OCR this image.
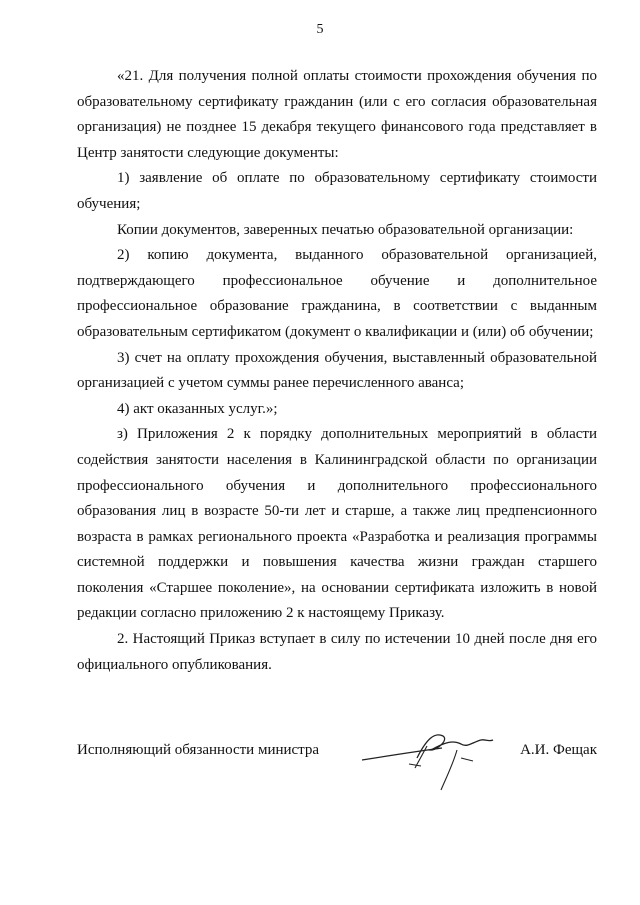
5

«21. Для получения полной оплаты стоимости прохождения обучения по образовательному сертификату гражданин (или с его согласия образовательная организация) не позднее 15 декабря текущего финансового года представляет в Центр занятости следующие документы:

1) заявление об оплате по образовательному сертификату стоимости обучения;

Копии документов, заверенных печатью образовательной организации:

2) копию документа, выданного образовательной организацией, подтверждающего профессиональное обучение и дополнительное профессиональное образование гражданина, в соответствии с выданным образовательным сертификатом (документ о квалификации и (или) об обучении;

3) счет на оплату прохождения обучения, выставленный образовательной организацией с учетом суммы ранее перечисленного аванса;

4) акт оказанных услуг.»;

з) Приложения 2 к порядку дополнительных мероприятий в области содействия занятости населения в Калининградской области по организации профессионального обучения и дополнительного профессионального образования лиц в возрасте 50-ти лет и старше, а также лиц предпенсионного возраста в рамках регионального проекта «Разработка и реализация программы системной поддержки и повышения качества жизни граждан старшего поколения «Старшее поколение», на основании сертификата изложить в новой редакции согласно приложению 2 к настоящему Приказу.

2. Настоящий Приказ вступает в силу по истечении 10 дней после дня его официального опубликования.

Исполняющий обязанности министра	А.И. Фещак
